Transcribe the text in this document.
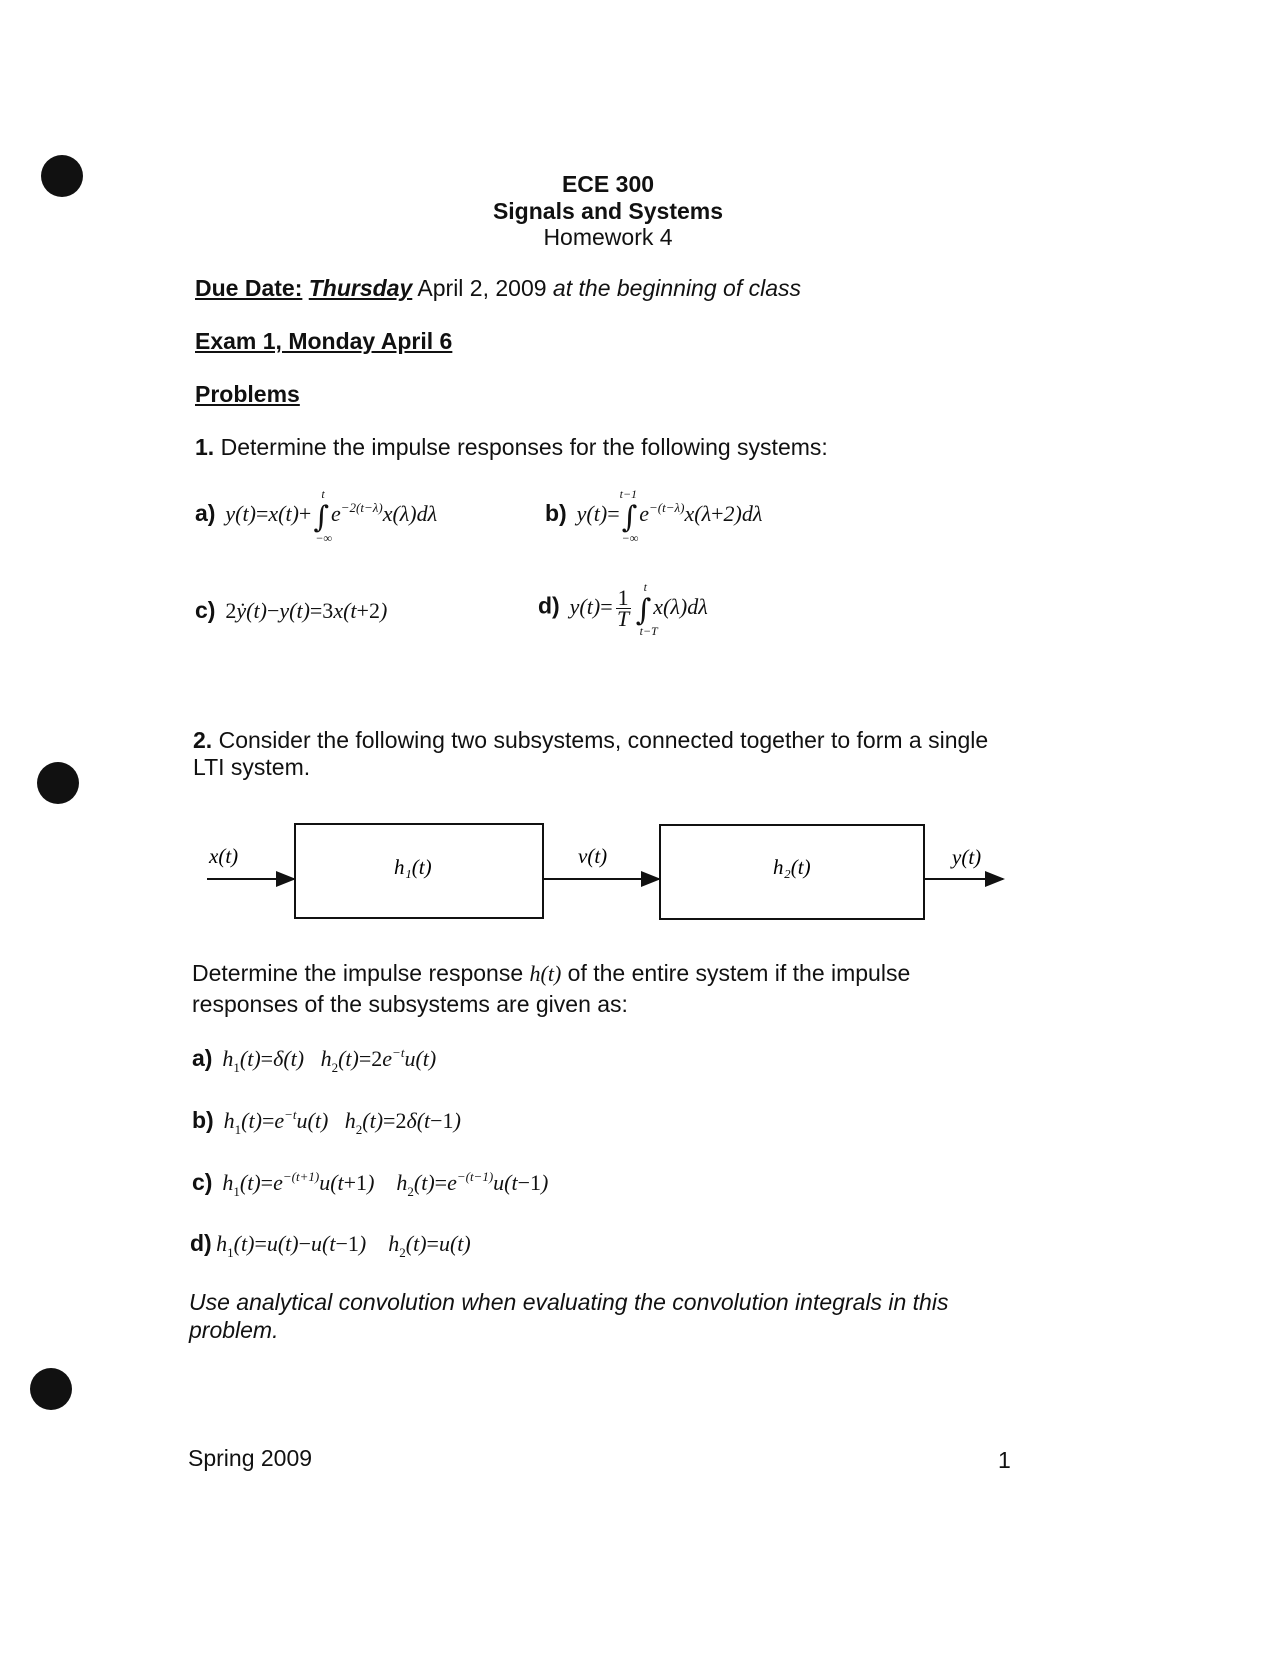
ECE 300
Signals and Systems
Homework 4
Due Date: Thursday April 2, 2009 at the beginning of class
Exam 1, Monday April 6
Problems
1. Determine the impulse responses for the following systems:
a)  y(t)=x(t)+∫
t
−∞
$e^{-2(t-\lambda)}x(\lambda)d\lambda$	b)  y(t)=∫
t−1
−∞
$e^{-(t-\lambda)}x(\lambda+2)d\lambda$
c) 2ẏ(t)−y(t)=3x(t+2)	d)  $y(t)= \frac{1}{T}$ ∫
t
t−T
x(λ)dλ
2. Consider the following two subsystems, connected together to form a single
LTI system.
x(t)	h₁(t)	v(t)	h₂(t)	y(t)
Determine the impulse response h(t) of the entire system if the impulse
responses of the subsystems are given as:
a)  $h_1(t)=\delta(t)$   $h_2(t)=2e^{-t}u(t)$
b)  $h_1(t)=e^{-t}u(t)$   $h_2(t)=2\delta(t-1)$
c)  $h_1(t)=e^{-(t+1)}u(t+1)$    $h_2(t)=e^{-(t-1)}u(t-1)$
d) $h_1(t)=u(t)-u(t-1)$    $h_2(t)=u(t)$
Use analytical convolution when evaluating the convolution integrals in this
problem.
Spring 2009	1
